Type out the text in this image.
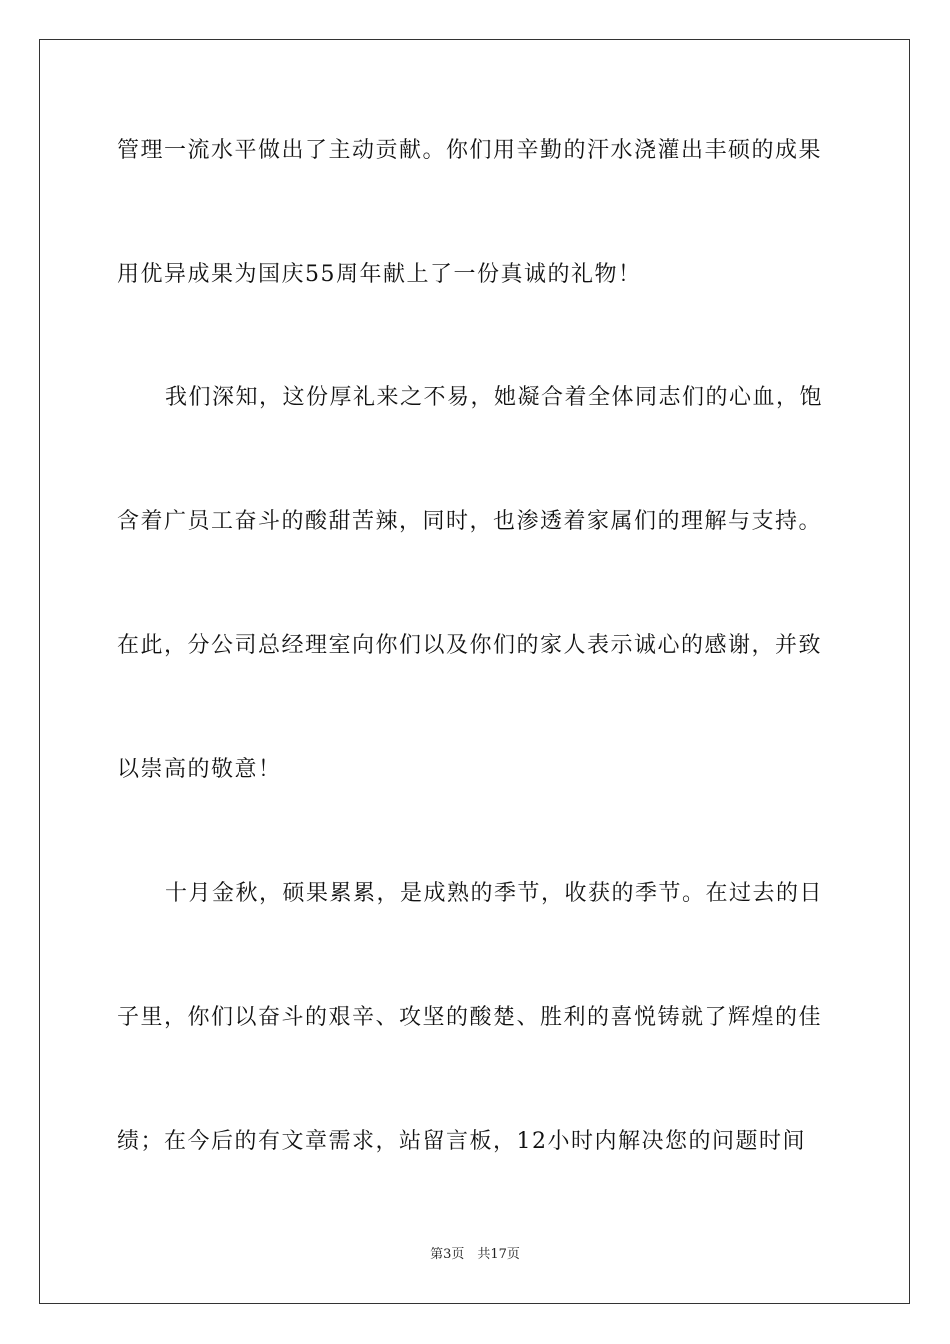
管理一流水平做出了主动贡献。你们用辛勤的汗水浇灌出丰硕的成果
用优异成果为国庆55周年献上了一份真诚的礼物！
我们深知，这份厚礼来之不易，她凝合着全体同志们的心血，饱
含着广员工奋斗的酸甜苦辣，同时，也渗透着家属们的理解与支持。
在此，分公司总经理室向你们以及你们的家人表示诚心的感谢，并致
以崇高的敬意！
十月金秋，硕果累累，是成熟的季节，收获的季节。在过去的日
子里，你们以奋斗的艰辛、攻坚的酸楚、胜利的喜悦铸就了辉煌的佳
绩；在今后的有文章需求，站留言板，12小时内解决您的问题时间
第3页　共17页
